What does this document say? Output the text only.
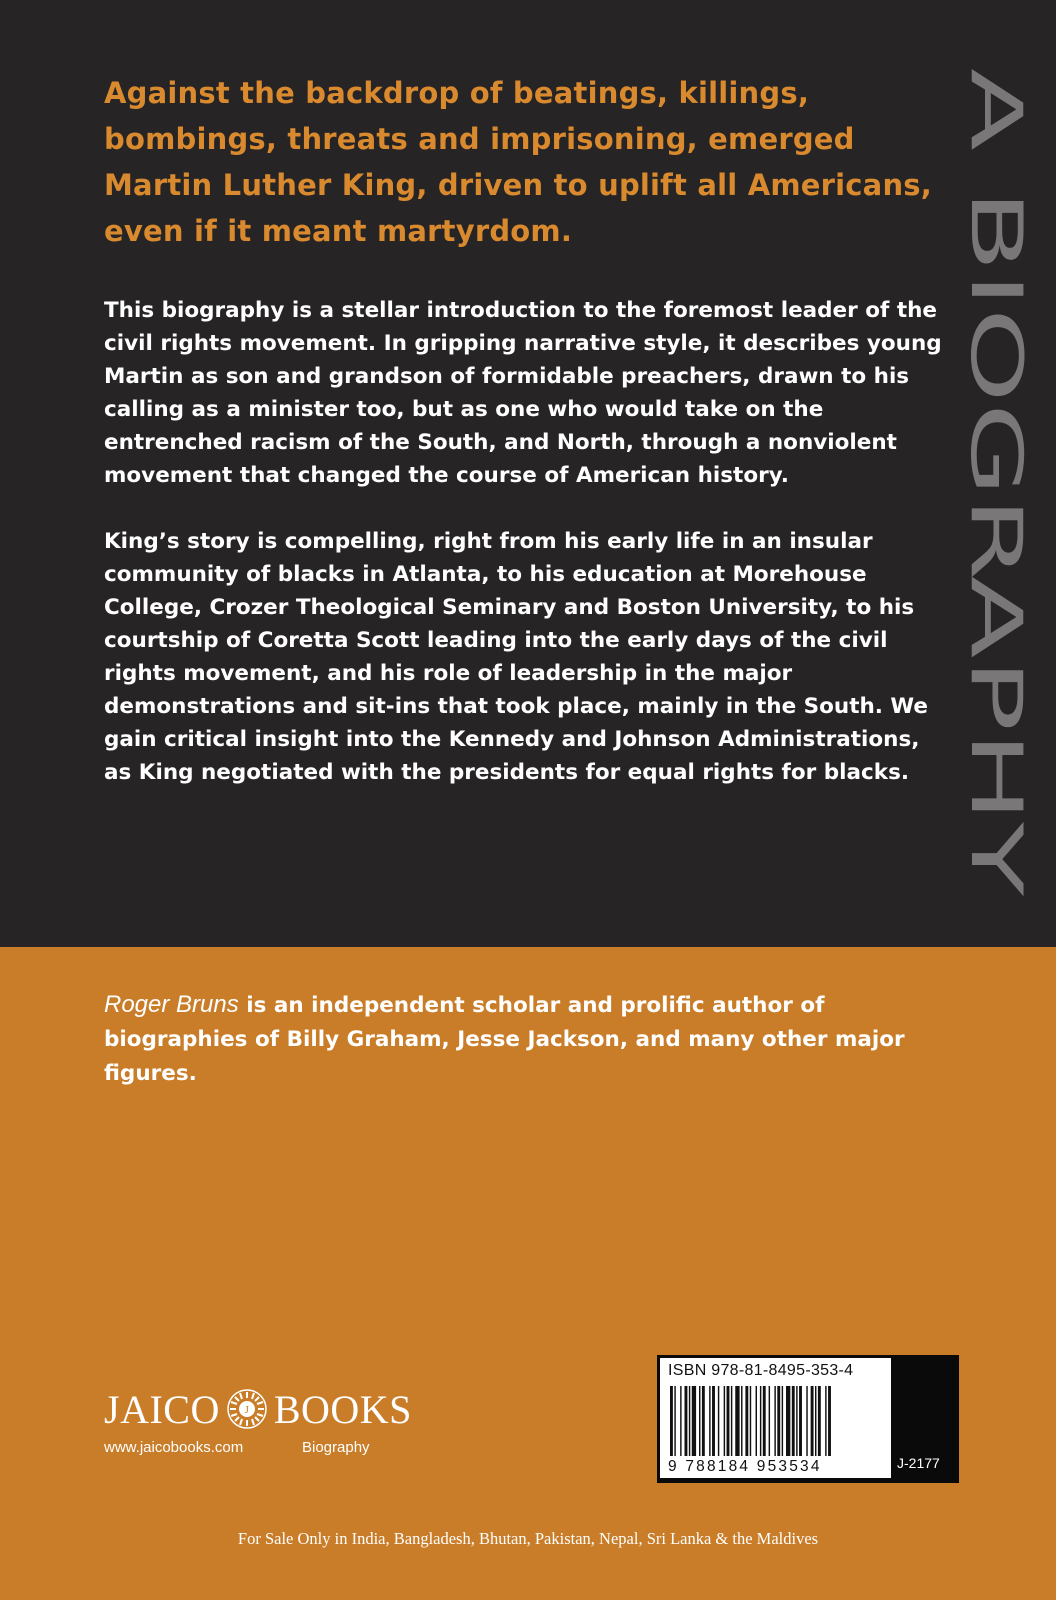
Against the backdrop of beatings, killings, bombings, threats and imprisoning, emerged Martin Luther King, driven to uplift all Americans, even if it meant martyrdom.

This biography is a stellar introduction to the foremost leader of the civil rights movement. In gripping narrative style, it describes young Martin as son and grandson of formidable preachers, drawn to his calling as a minister too, but as one who would take on the entrenched racism of the South, and North, through a nonviolent movement that changed the course of American history.

King’s story is compelling, right from his early life in an insular community of blacks in Atlanta, to his education at Morehouse College, Crozer Theological Seminary and Boston University, to his courtship of Coretta Scott leading into the early days of the civil rights movement, and his role of leadership in the major demonstrations and sit-ins that took place, mainly in the South. We gain critical insight into the Kennedy and Johnson Administrations, as King negotiated with the presidents for equal rights for blacks.

A BIOGRAPHY

Roger Bruns is an independent scholar and prolific author of biographies of Billy Graham, Jesse Jackson, and many other major figures.

JAICO J BOOKS
www.jaicobooks.com	Biography
ISBN 978-81-8495-353-4
9 788184 953534	J-2177
For Sale Only in India, Bangladesh, Bhutan, Pakistan, Nepal, Sri Lanka & the Maldives
